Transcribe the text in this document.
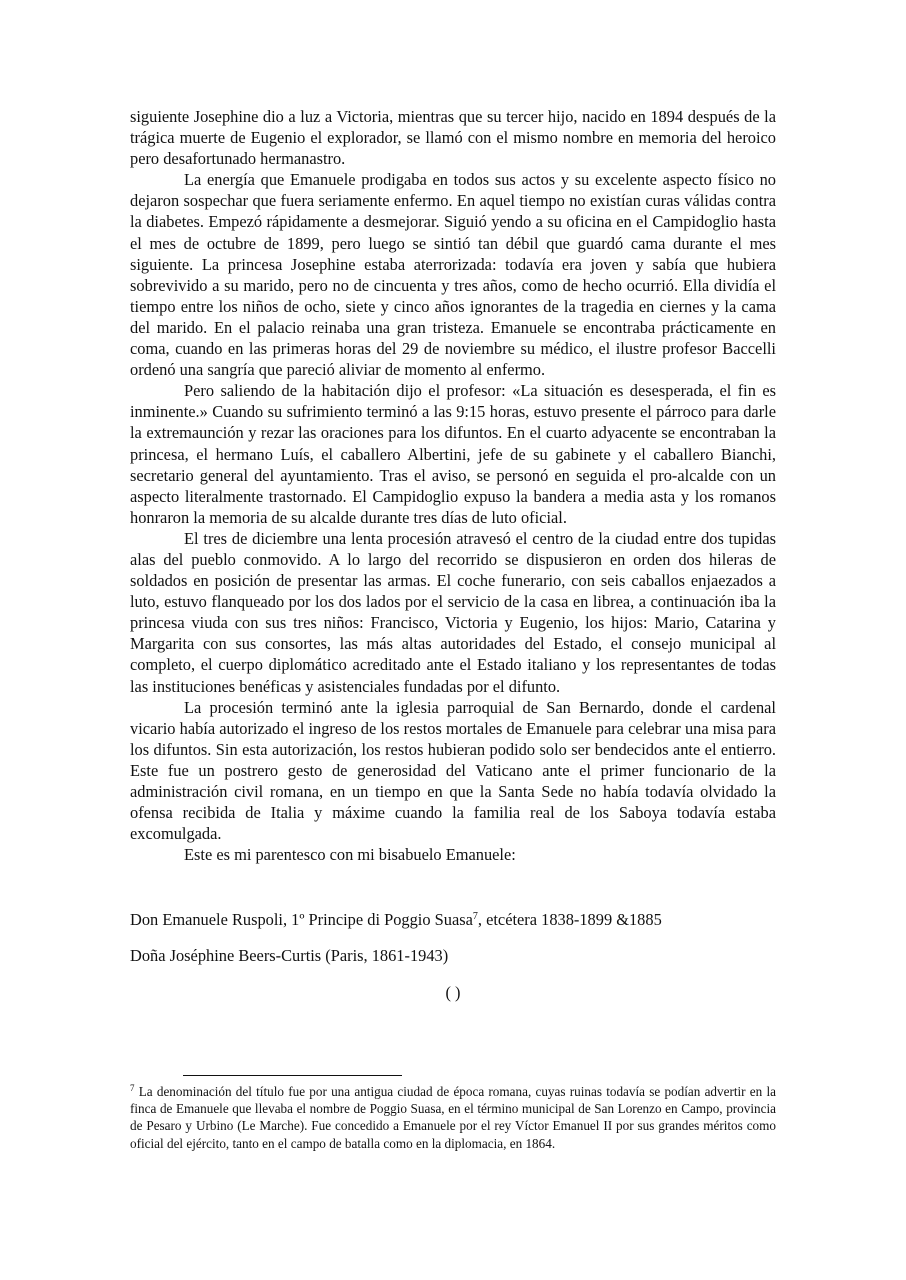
siguiente Josephine dio a luz a Victoria, mientras que su tercer hijo, nacido en 1894 después de la trágica muerte de Eugenio el explorador, se llamó con el mismo nombre en memoria del heroico pero desafortunado hermanastro.

La energía que Emanuele prodigaba en todos sus actos y su excelente aspecto físico no dejaron sospechar que fuera seriamente enfermo. En aquel tiempo no existían curas válidas contra la diabetes. Empezó rápidamente a desmejorar. Siguió yendo a su oficina en el Campidoglio hasta el mes de octubre de 1899, pero luego se sintió tan débil que guardó cama durante el mes siguiente. La princesa Josephine estaba aterrorizada: todavía era joven y sabía que hubiera sobrevivido a su marido, pero no de cincuenta y tres años, como de hecho ocurrió. Ella dividía el tiempo entre los niños de ocho, siete y cinco años ignorantes de la tragedia en ciernes y la cama del marido. En el palacio reinaba una gran tristeza. Emanuele se encontraba prácticamente en coma, cuando en las primeras horas del 29 de noviembre su médico, el ilustre profesor Baccelli ordenó una sangría que pareció aliviar de momento al enfermo.

Pero saliendo de la habitación dijo el profesor: «La situación es desesperada, el fin es inminente.» Cuando su sufrimiento terminó a las 9:15 horas, estuvo presente el párroco para darle la extremaunción y rezar las oraciones para los difuntos. En el cuarto adyacente se encontraban la princesa, el hermano Luís, el caballero Albertini, jefe de su gabinete y el caballero Bianchi, secretario general del ayuntamiento. Tras el aviso, se personó en seguida el pro-alcalde con un aspecto literalmente trastornado. El Campidoglio expuso la bandera a media asta y los romanos honraron la memoria de su alcalde durante tres días de luto oficial.

El tres de diciembre una lenta procesión atravesó el centro de la ciudad entre dos tupidas alas del pueblo conmovido. A lo largo del recorrido se dispusieron en orden dos hileras de soldados en posición de presentar las armas. El coche funerario, con seis caballos enjaezados a luto, estuvo flanqueado por los dos lados por el servicio de la casa en librea, a continuación iba la princesa viuda con sus tres niños: Francisco, Victoria y Eugenio, los hijos: Mario, Catarina y Margarita con sus consortes, las más altas autoridades del Estado, el consejo municipal al completo, el cuerpo diplomático acreditado ante el Estado italiano y los representantes de todas las instituciones benéficas y asistenciales fundadas por el difunto.

La procesión terminó ante la iglesia parroquial de San Bernardo, donde el cardenal vicario había autorizado el ingreso de los restos mortales de Emanuele para celebrar una misa para los difuntos. Sin esta autorización, los restos hubieran podido solo ser bendecidos ante el entierro. Este fue un postrero gesto de generosidad del Vaticano ante el primer funcionario de la administración civil romana, en un tiempo en que la Santa Sede no había todavía olvidado la ofensa recibida de Italia y máxime cuando la familia real de los Saboya todavía estaba excomulgada.

Este es mi parentesco con mi bisabuelo Emanuele:

Don Emanuele Ruspoli, 1º Principe di Poggio Suasa$^7$, etcétera 1838-1899 &1885

Doña Joséphine Beers-Curtis (Paris, 1861-1943)

( )

$^7$ La denominación del título fue por una antigua ciudad de época romana, cuyas ruinas todavía se podían advertir en la finca de Emanuele que llevaba el nombre de Poggio Suasa, en el término municipal de San Lorenzo en Campo, provincia de Pesaro y Urbino (Le Marche). Fue concedido a Emanuele por el rey Víctor Emanuel II por sus grandes méritos como oficial del ejército, tanto en el campo de batalla como en la diplomacia, en 1864.
